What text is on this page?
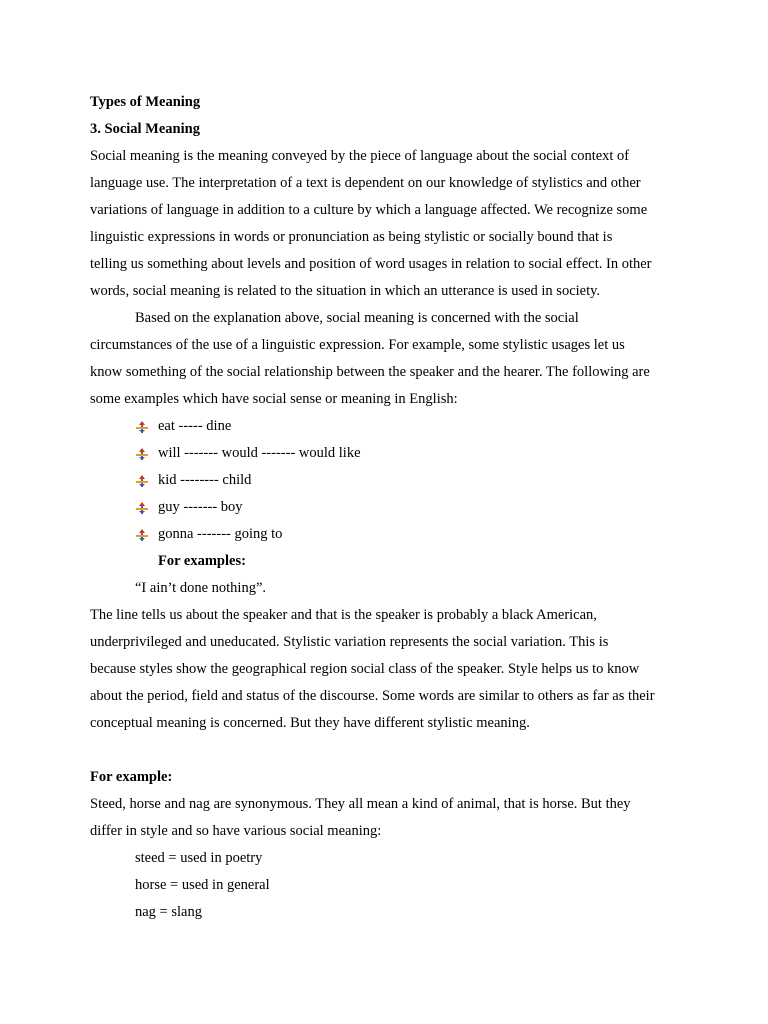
Types of Meaning
3. Social Meaning
Social meaning is the meaning conveyed by the piece of language about the social context of
language use. The interpretation of a text is dependent on our knowledge of stylistics and other
variations of language in addition to a culture by which a language affected. We recognize some
linguistic expressions in words or pronunciation as being stylistic or socially bound that is
telling us something about levels and position of word usages in relation to social effect. In other
words, social meaning is related to the situation in which an utterance is used in society.
Based on the explanation above, social meaning is concerned with the social
circumstances of the use of a linguistic expression. For example, some stylistic usages let us
know something of the social relationship between the speaker and the hearer. The following are
some examples which have social sense or meaning in English:
eat ----- dine
will ------- would ------- would like
kid -------- child
guy ------- boy
gonna ------- going to
For examples:
“I ain’t done nothing”.
The line tells us about the speaker and that is the speaker is probably a black American,
underprivileged and uneducated. Stylistic variation represents the social variation. This is
because styles show the geographical region social class of the speaker. Style helps us to know
about the period, field and status of the discourse. Some words are similar to others as far as their
conceptual meaning is concerned. But they have different stylistic meaning.
For example:
Steed, horse and nag are synonymous. They all mean a kind of animal, that is horse. But they
differ in style and so have various social meaning:
steed = used in poetry
horse = used in general
nag = slang
